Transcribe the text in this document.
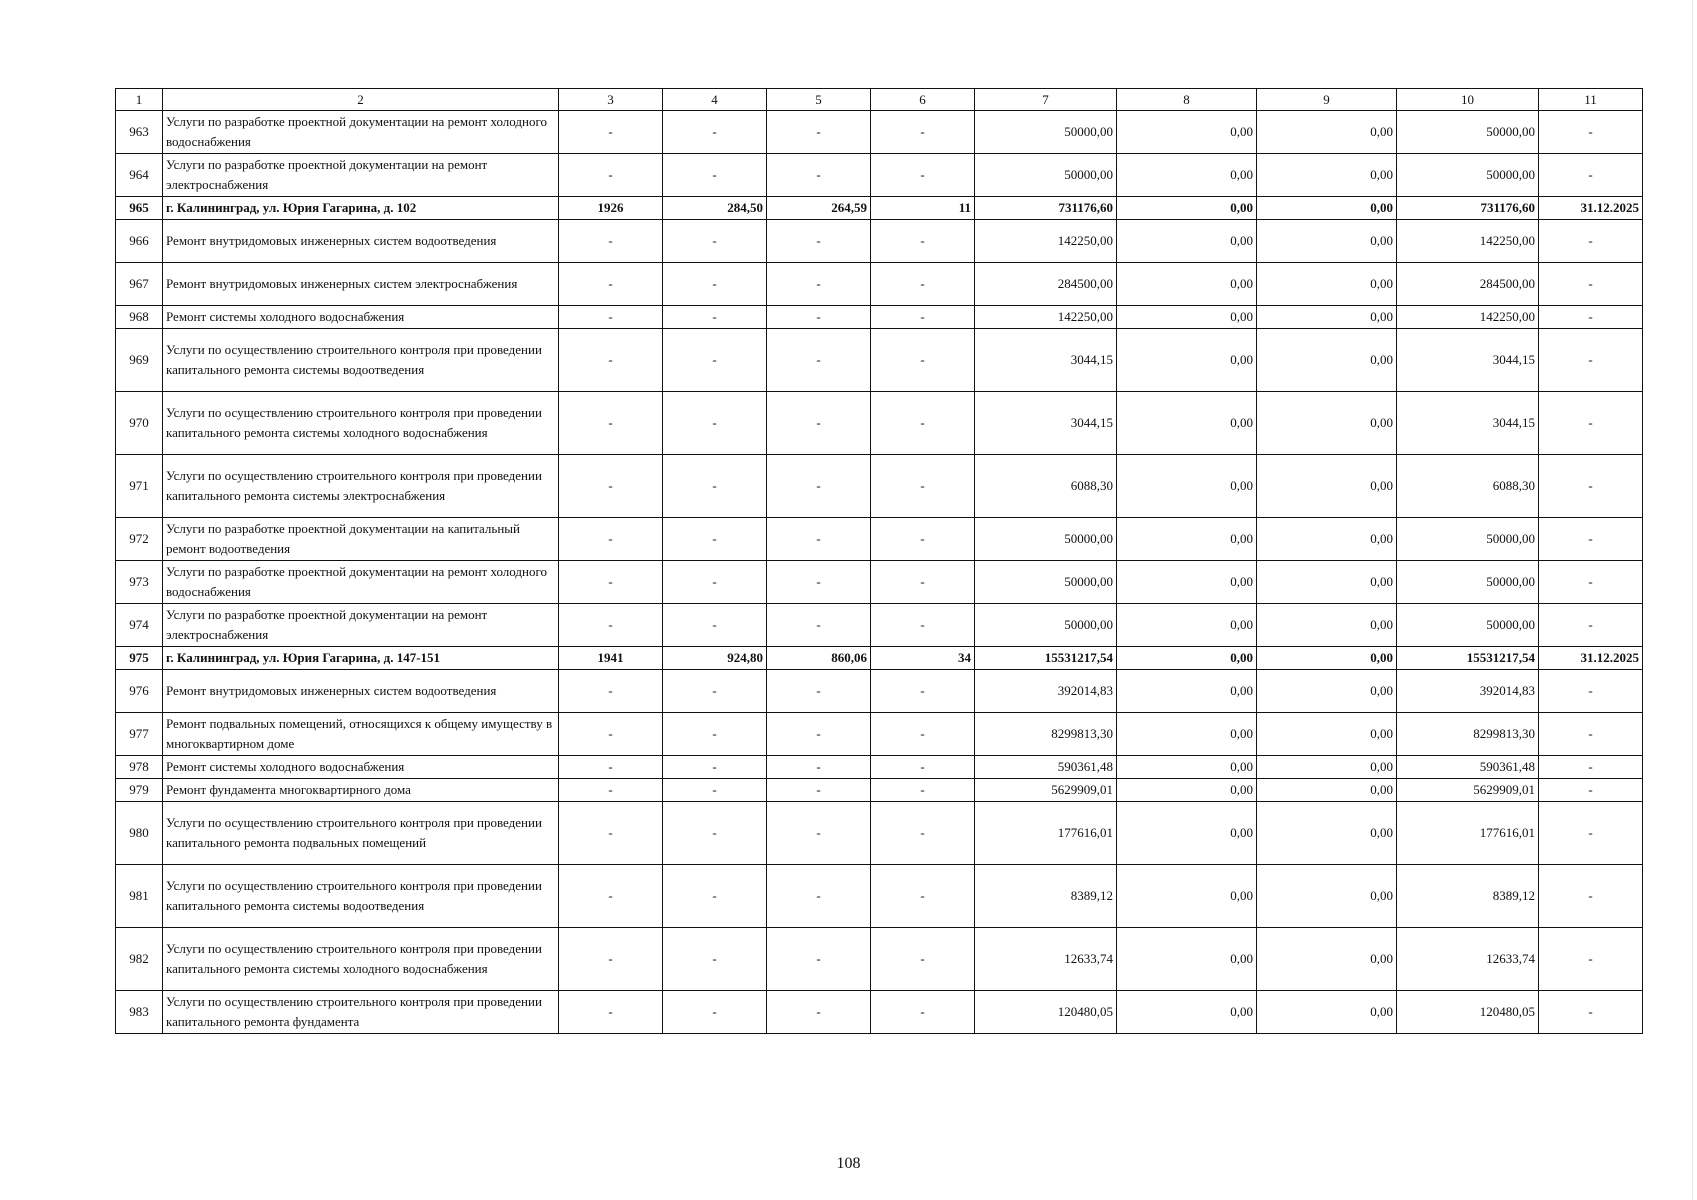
1	2	3	4	5	6	7	8	9	10	11
963	Услуги по разработке проектной документации на ремонт холодного водоснабжения	-	-	-	-	50000,00	0,00	0,00	50000,00	-
964	Услуги по разработке проектной документации на ремонт электроснабжения	-	-	-	-	50000,00	0,00	0,00	50000,00	-
965	г. Калининград, ул. Юрия Гагарина, д. 102	1926	284,50	264,59	11	731176,60	0,00	0,00	731176,60	31.12.2025
966	Ремонт внутридомовых инженерных систем водоотведения	-	-	-	-	142250,00	0,00	0,00	142250,00	-
967	Ремонт внутридомовых инженерных систем электроснабжения	-	-	-	-	284500,00	0,00	0,00	284500,00	-
968	Ремонт системы холодного водоснабжения	-	-	-	-	142250,00	0,00	0,00	142250,00	-
969	Услуги по осуществлению строительного контроля при проведении капитального ремонта системы водоотведения	-	-	-	-	3044,15	0,00	0,00	3044,15	-
970	Услуги по осуществлению строительного контроля при проведении капитального ремонта системы холодного водоснабжения	-	-	-	-	3044,15	0,00	0,00	3044,15	-
971	Услуги по осуществлению строительного контроля при проведении капитального ремонта системы электроснабжения	-	-	-	-	6088,30	0,00	0,00	6088,30	-
972	Услуги по разработке проектной документации на капитальный ремонт водоотведения	-	-	-	-	50000,00	0,00	0,00	50000,00	-
973	Услуги по разработке проектной документации на ремонт холодного водоснабжения	-	-	-	-	50000,00	0,00	0,00	50000,00	-
974	Услуги по разработке проектной документации на ремонт электроснабжения	-	-	-	-	50000,00	0,00	0,00	50000,00	-
975	г. Калининград, ул. Юрия Гагарина, д. 147-151	1941	924,80	860,06	34	15531217,54	0,00	0,00	15531217,54	31.12.2025
976	Ремонт внутридомовых инженерных систем водоотведения	-	-	-	-	392014,83	0,00	0,00	392014,83	-
977	Ремонт подвальных помещений, относящихся к общему имуществу в многоквартирном доме	-	-	-	-	8299813,30	0,00	0,00	8299813,30	-
978	Ремонт системы холодного водоснабжения	-	-	-	-	590361,48	0,00	0,00	590361,48	-
979	Ремонт фундамента многоквартирного дома	-	-	-	-	5629909,01	0,00	0,00	5629909,01	-
980	Услуги по осуществлению строительного контроля при проведении капитального ремонта подвальных помещений	-	-	-	-	177616,01	0,00	0,00	177616,01	-
981	Услуги по осуществлению строительного контроля при проведении капитального ремонта системы водоотведения	-	-	-	-	8389,12	0,00	0,00	8389,12	-
982	Услуги по осуществлению строительного контроля при проведении капитального ремонта системы холодного водоснабжения	-	-	-	-	12633,74	0,00	0,00	12633,74	-
983	Услуги по осуществлению строительного контроля при проведении капитального ремонта фундамента	-	-	-	-	120480,05	0,00	0,00	120480,05	-
108
